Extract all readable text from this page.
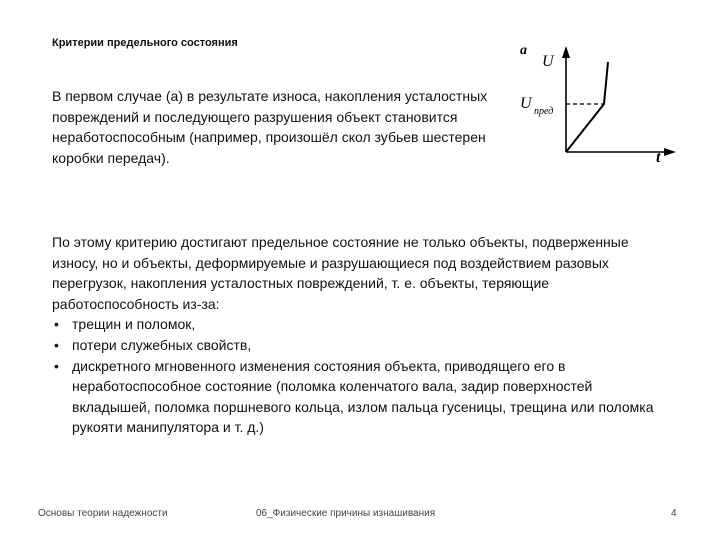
Критерии предельного состояния
В первом случае (а) в результате износа, накопления усталостных повреждений и последующего разрушения объект становится неработоспособным (например, произошёл скол зубьев шестерен коробки передач).
а
U
U пред
t

По этому критерию достигают предельное состояние не только объекты, подверженные износу, но и объекты, деформируемые и разрушающиеся под воздействием разовых перегрузок, накопления усталостных повреждений, т. е. объекты, теряющие работоспособность из-за:

• трещин и поломок,
• потери служебных свойств,
• дискретного мгновенного изменения состояния объекта, приводящего его в неработоспособное состояние (поломка коленчатого вала, задир поверхностей вкладышей, поломка поршневого кольца, излом пальца гусеницы, трещина или поломка рукояти манипулятора и т. д.)
Основы теории надежности	06_Физические причины изнашивания	4
